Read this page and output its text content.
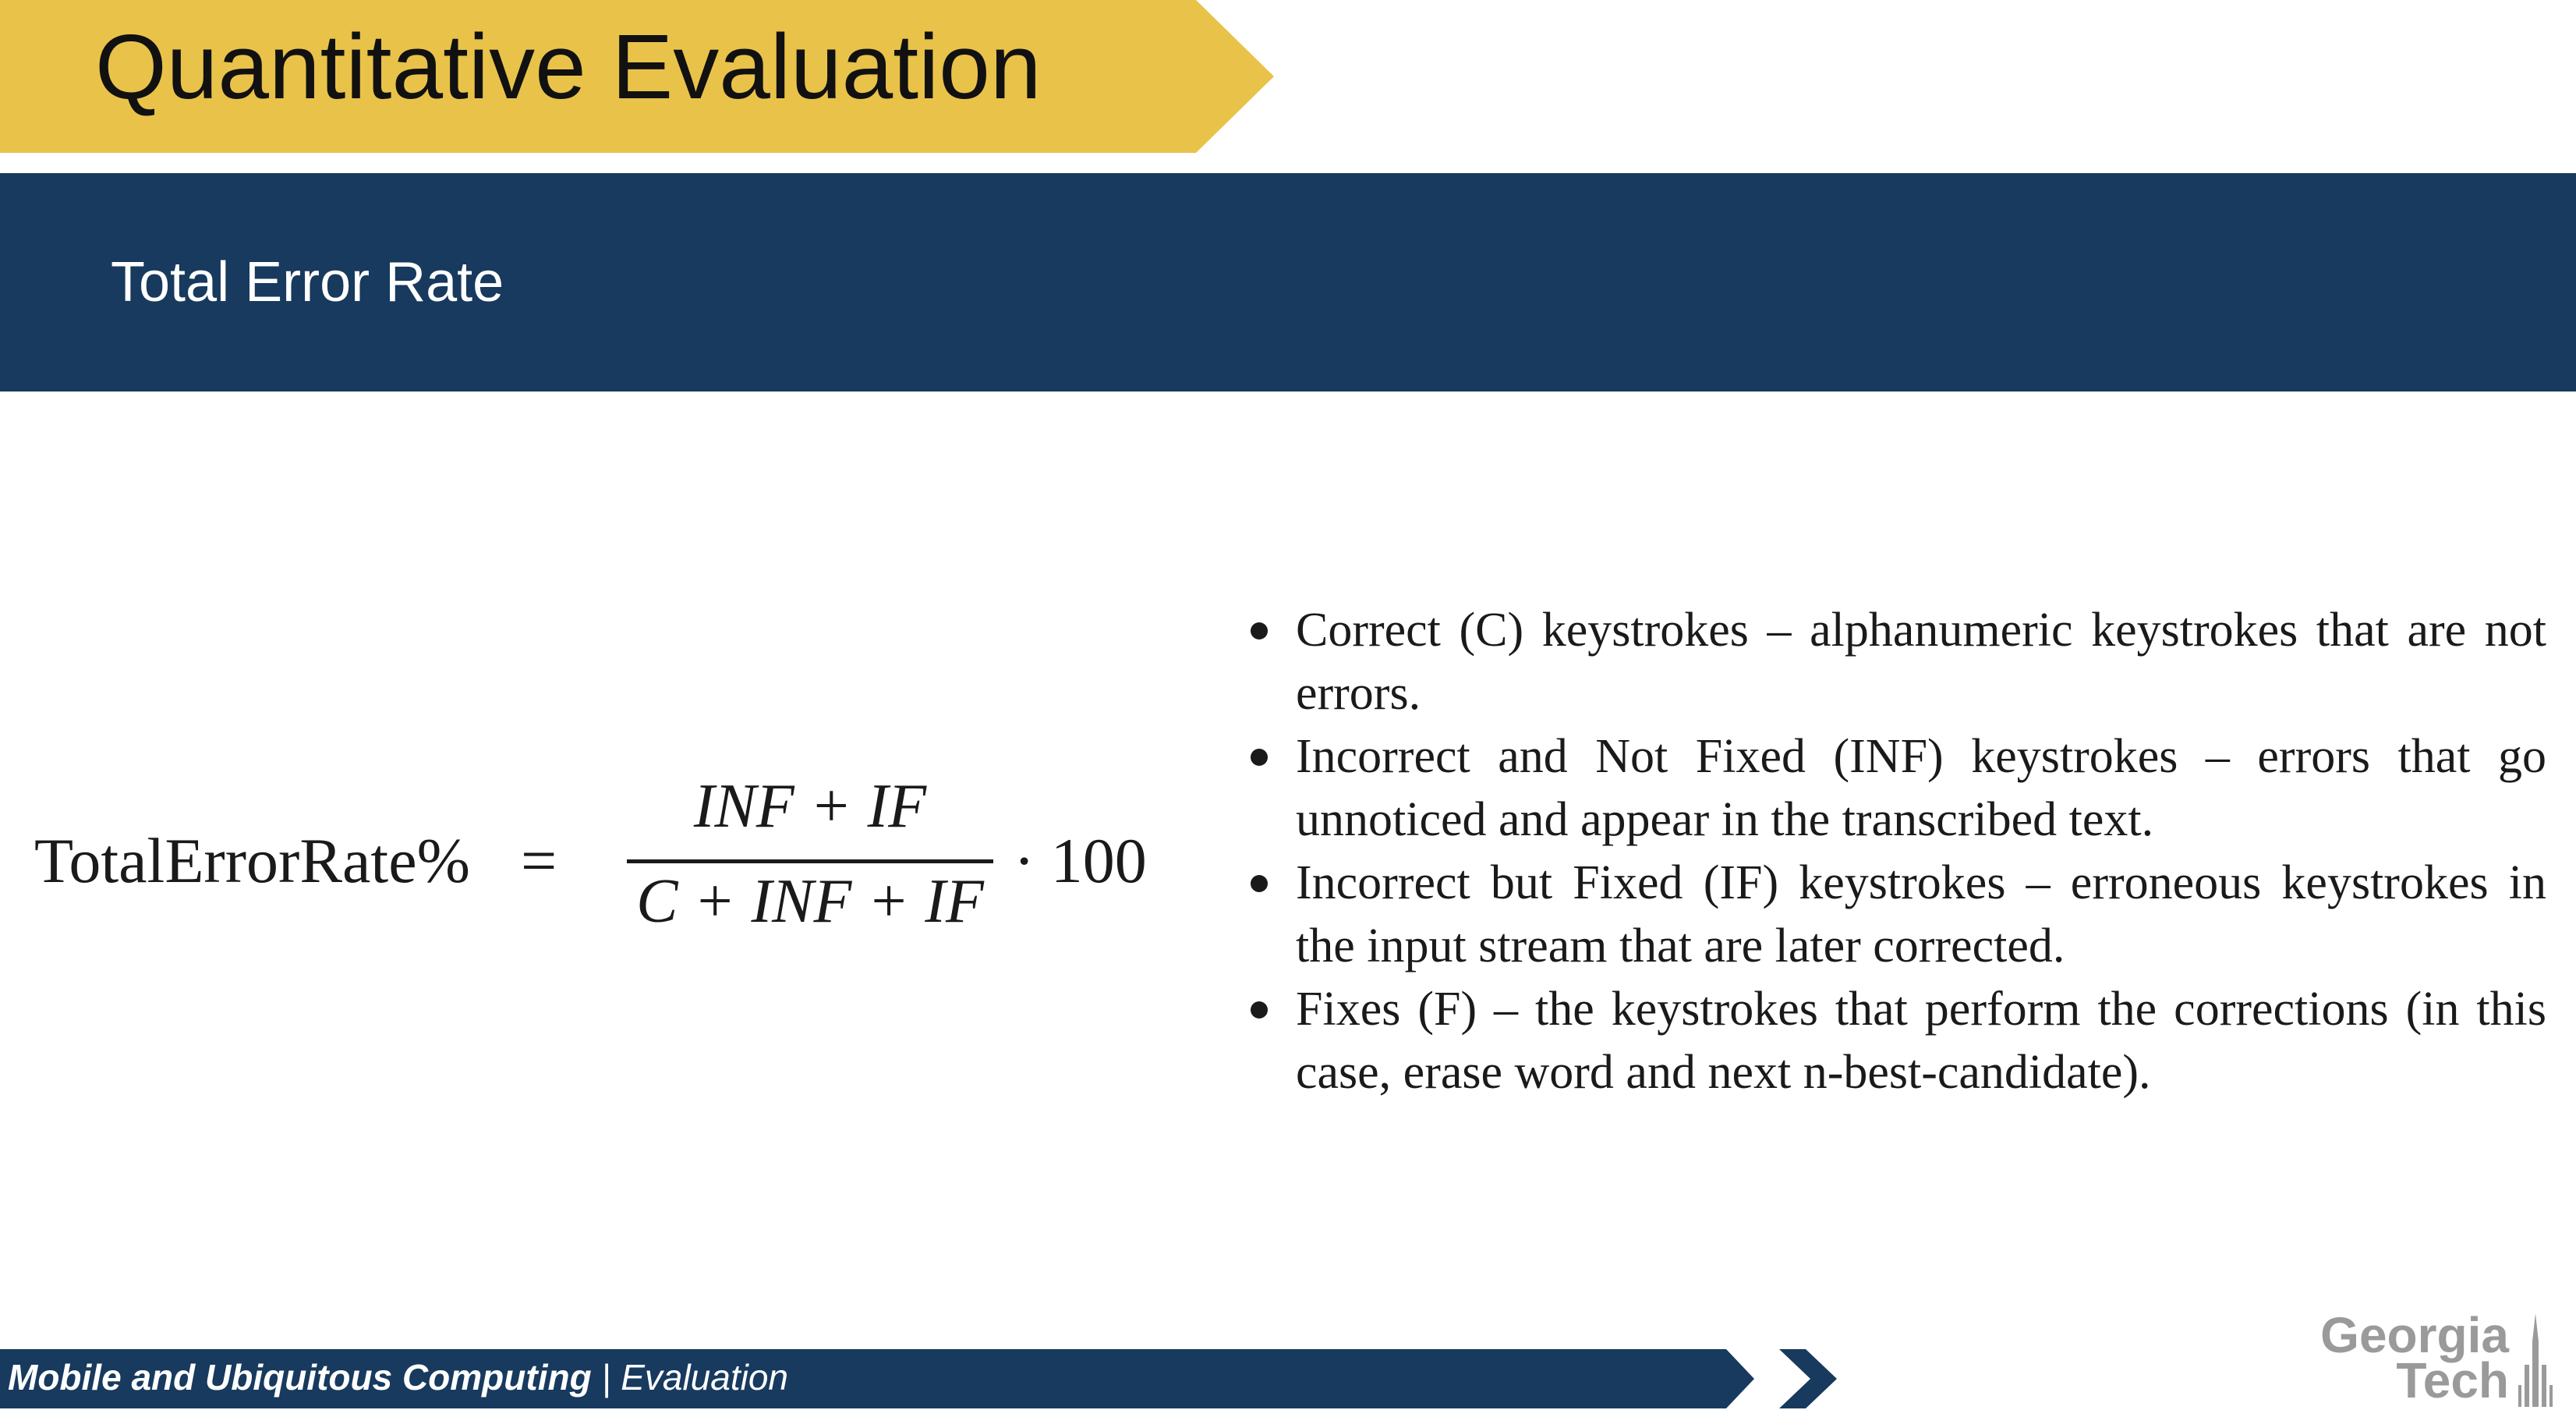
Quantitative Evaluation
Total Error Rate
TotalErrorRate% =
INF + IF
C + INF + IF
· 100
Correct (C) keystrokes – alphanumeric keystrokes that are not errors.
Incorrect and Not Fixed (INF) keystrokes – errors that go unnoticed and appear in the transcribed text.
Incorrect but Fixed (IF) keystrokes – erroneous keystrokes in the input stream that are later corrected.
Fixes (F) – the keystrokes that perform the corrections (in this case, erase word and next n-best-candidate).
Mobile and Ubiquitous Computing | Evaluation
Georgia
Tech
